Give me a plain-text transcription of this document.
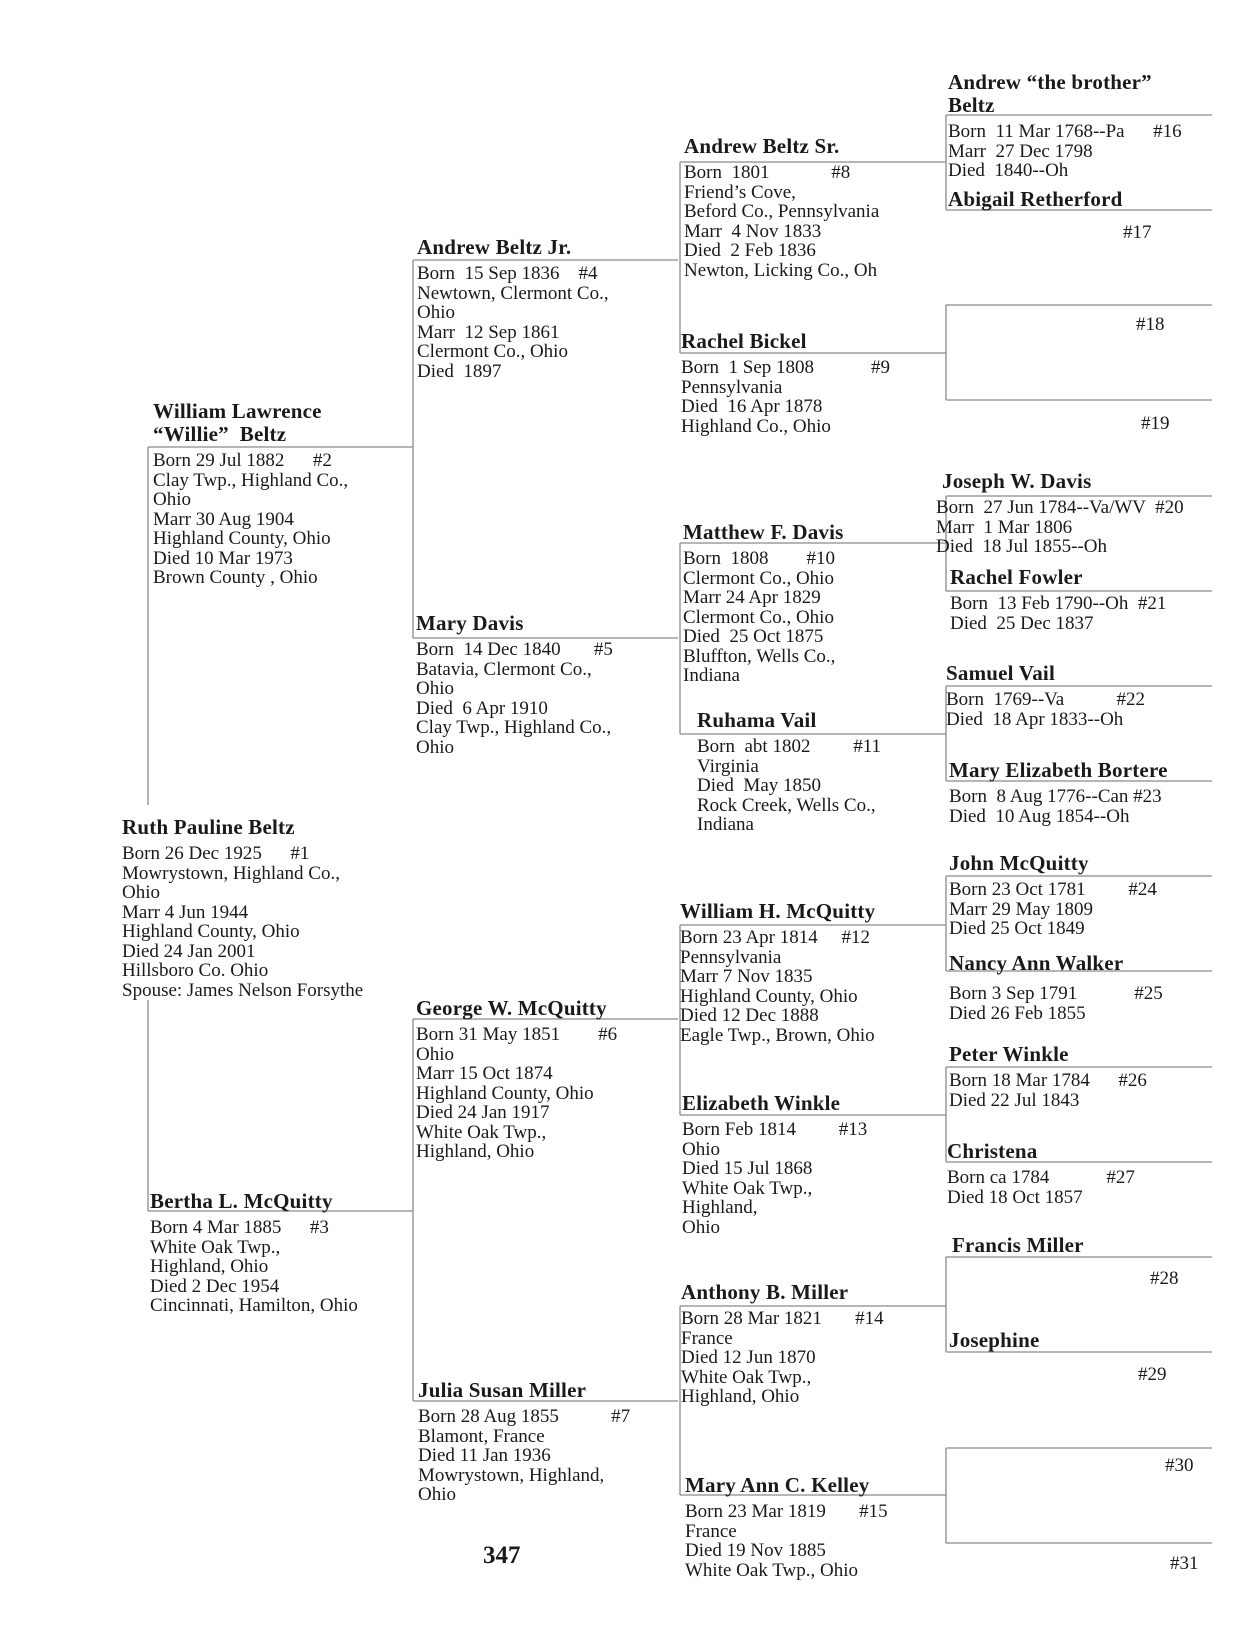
Ruth Pauline Beltz
Born 26 Dec 1925      #1
Mowrystown, Highland Co.,
Ohio
Marr 4 Jun 1944
Highland County, Ohio
Died 24 Jan 2001
Hillsboro Co. Ohio
Spouse: James Nelson Forsythe
William Lawrence
“Willie”  Beltz
Born 29 Jul 1882      #2
Clay Twp., Highland Co.,
Ohio
Marr 30 Aug 1904
Highland County, Ohio
Died 10 Mar 1973
Brown County , Ohio
Bertha L. McQuitty
Born 4 Mar 1885      #3
White Oak Twp.,
Highland, Ohio
Died 2 Dec 1954
Cincinnati, Hamilton, Ohio
Andrew Beltz Jr.
Born  15 Sep 1836    #4
Newtown, Clermont Co.,
Ohio
Marr  12 Sep 1861
Clermont Co., Ohio
Died  1897
Mary Davis
Born  14 Dec 1840       #5
Batavia, Clermont Co.,
Ohio
Died  6 Apr 1910
Clay Twp., Highland Co.,
Ohio
George W. McQuitty
Born 31 May 1851        #6
Ohio
Marr 15 Oct 1874
Highland County, Ohio
Died 24 Jan 1917
White Oak Twp.,
Highland, Ohio
Julia Susan Miller
Born 28 Aug 1855           #7
Blamont, France
Died 11 Jan 1936
Mowrystown, Highland,
Ohio
Andrew Beltz Sr.
Born  1801             #8
Friend’s Cove,
Beford Co., Pennsylvania
Marr  4 Nov 1833
Died  2 Feb 1836
Newton, Licking Co., Oh
Rachel Bickel
Born  1 Sep 1808            #9
Pennsylvania
Died  16 Apr 1878
Highland Co., Ohio
Matthew F. Davis
Born  1808        #10
Clermont Co., Ohio
Marr 24 Apr 1829
Clermont Co., Ohio
Died  25 Oct 1875
Bluffton, Wells Co.,
Indiana
Ruhama Vail
Born  abt 1802         #11
Virginia
Died  May 1850
Rock Creek, Wells Co.,
Indiana
William H. McQuitty
Born 23 Apr 1814     #12
Pennsylvania
Marr 7 Nov 1835
Highland County, Ohio
Died 12 Dec 1888
Eagle Twp., Brown, Ohio
Elizabeth Winkle
Born Feb 1814         #13
Ohio
Died 15 Jul 1868
White Oak Twp.,
Highland,
Ohio
Anthony B. Miller
Born 28 Mar 1821       #14
France
Died 12 Jun 1870
White Oak Twp.,
Highland, Ohio
Mary Ann C. Kelley
Born 23 Mar 1819       #15
France
Died 19 Nov 1885
White Oak Twp., Ohio
Andrew “the brother”
Beltz
Born  11 Mar 1768--Pa      #16
Marr  27 Dec 1798
Died  1840--Oh
Abigail Retherford
Joseph W. Davis
Born  27 Jun 1784--Va/WV  #20
Marr  1 Mar 1806
Died  18 Jul 1855--Oh
Rachel Fowler
Born  13 Feb 1790--Oh  #21
Died  25 Dec 1837
Samuel Vail
Born  1769--Va           #22
Died  18 Apr 1833--Oh
Mary Elizabeth Bortere
Born  8 Aug 1776--Can #23
Died  10 Aug 1854--Oh
John McQuitty
Born 23 Oct 1781         #24
Marr 29 May 1809
Died 25 Oct 1849
Nancy Ann Walker
Born 3 Sep 1791            #25
Died 26 Feb 1855
Peter Winkle
Born 18 Mar 1784      #26
Died 22 Jul 1843
Christena
Born ca 1784            #27
Died 18 Oct 1857
Francis Miller
Josephine
#17
#18
#19
#28
#29
#30
#31
347
